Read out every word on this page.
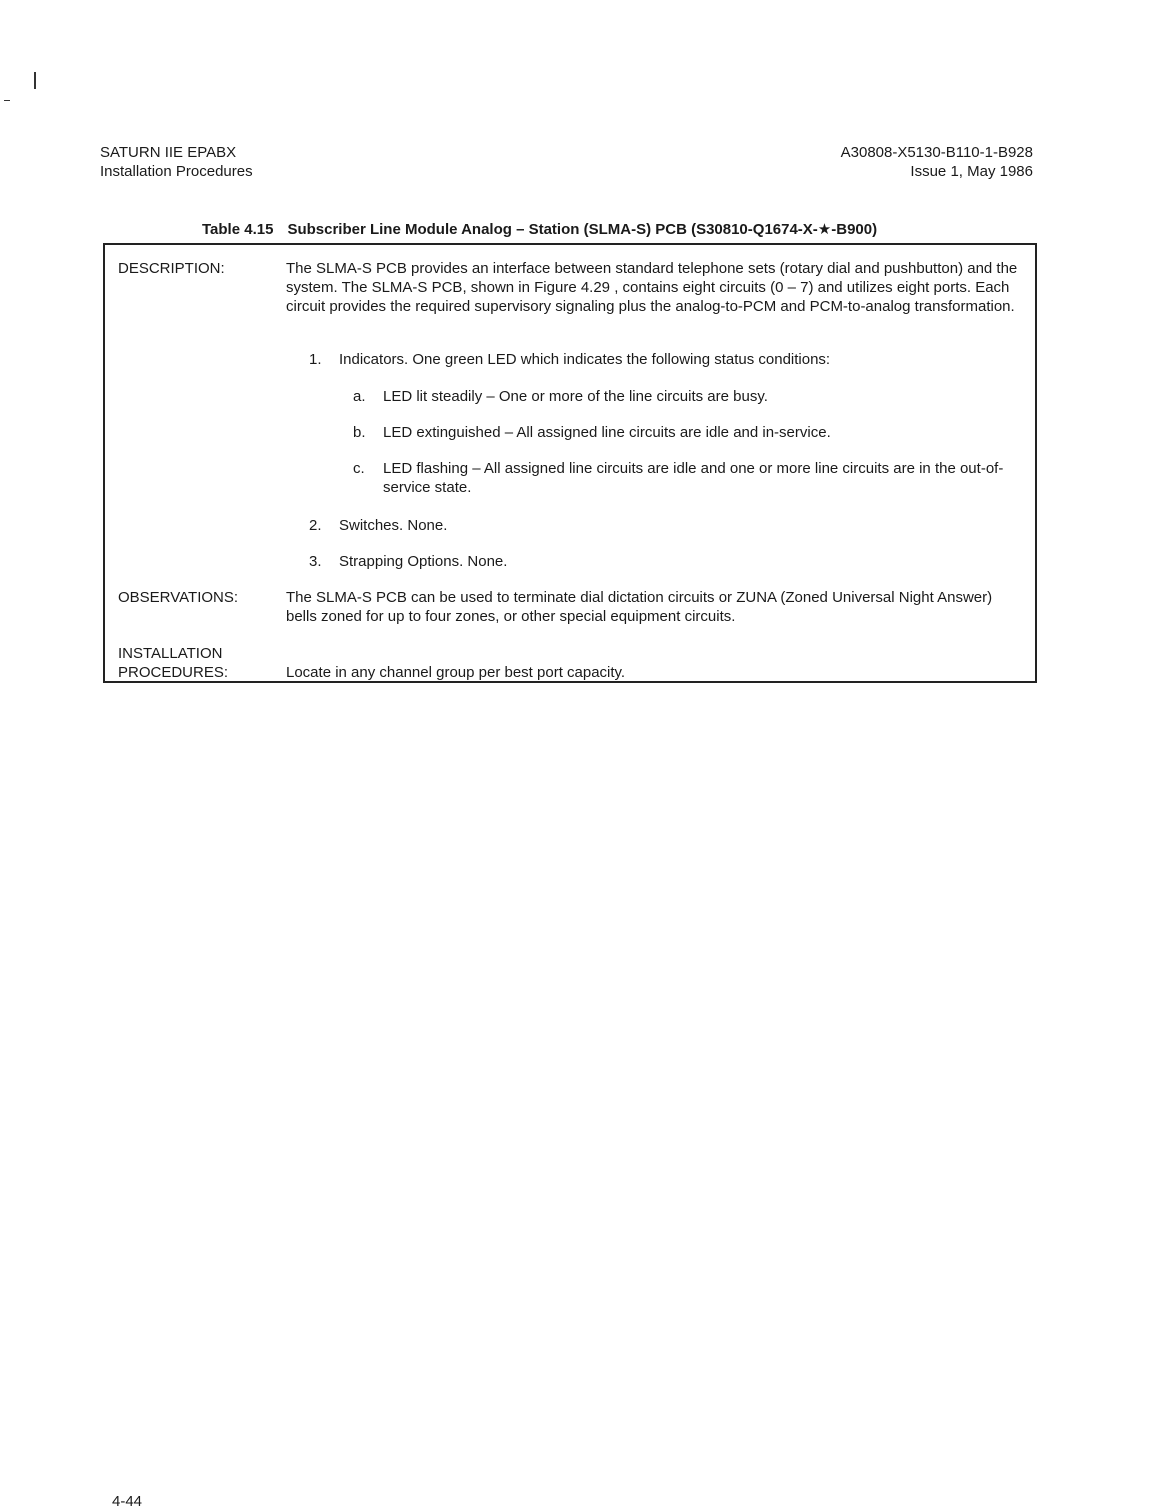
SATURN IIE EPABX
Installation Procedures
A30808-X5130-B110-1-B928
Issue 1, May 1986
Table 4.15 Subscriber Line Module Analog – Station (SLMA-S) PCB (S30810-Q1674-X-★-B900)
DESCRIPTION:	The SLMA-S PCB provides an interface between standard telephone sets (rotary dial and pushbutton) and the system. The SLMA-S PCB, shown in Figure 4.29 , contains eight circuits (0 – 7) and utilizes eight ports. Each circuit provides the required supervisory signaling plus the analog-to-PCM and PCM-to-analog transformation.
1.	Indicators. One green LED which indicates the following status conditions:
a.	LED lit steadily – One or more of the line circuits are busy.
b.	LED extinguished – All assigned line circuits are idle and in-service.
c.	LED flashing – All assigned line circuits are idle and one or more line circuits are in the out-of-service state.
2.	Switches. None.
3.	Strapping Options. None.
OBSERVATIONS:	The SLMA-S PCB can be used to terminate dial dictation circuits or ZUNA (Zoned Universal Night Answer) bells zoned for up to four zones, or other special equipment circuits.
INSTALLATION
PROCEDURES:	Locate in any channel group per best port capacity.
4-44
